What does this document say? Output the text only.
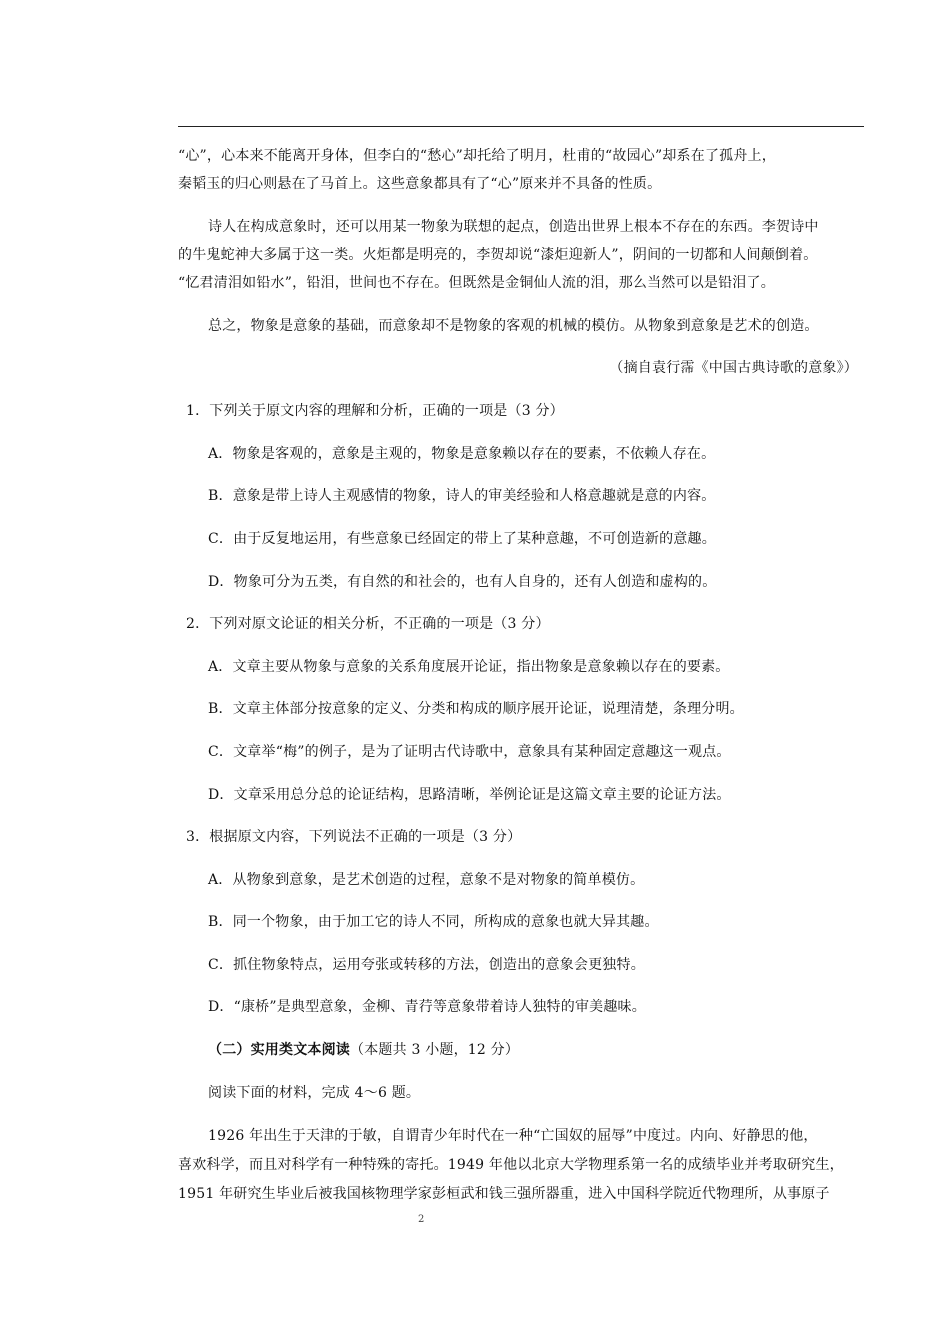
“心”，心本来不能离开身体，但李白的“愁心”却托给了明月，杜甫的“故园心”却系在了孤舟上，
秦韬玉的归心则悬在了马首上。这些意象都具有了“心”原来并不具备的性质。
诗人在构成意象时，还可以用某一物象为联想的起点，创造出世界上根本不存在的东西。李贺诗中
的牛鬼蛇神大多属于这一类。火炬都是明亮的，李贺却说“漆炬迎新人”，阴间的一切都和人间颠倒着。
“忆君清泪如铅水”，铅泪，世间也不存在。但既然是金铜仙人流的泪，那么当然可以是铅泪了。
总之，物象是意象的基础，而意象却不是物象的客观的机械的模仿。从物象到意象是艺术的创造。
（摘自袁行霈《中国古典诗歌的意象》）
1．下列关于原文内容的理解和分析，正确的一项是（3 分）
A．物象是客观的，意象是主观的，物象是意象赖以存在的要素，不依赖人存在。
B．意象是带上诗人主观感情的物象，诗人的审美经验和人格意趣就是意的内容。
C．由于反复地运用，有些意象已经固定的带上了某种意趣，不可创造新的意趣。
D．物象可分为五类，有自然的和社会的，也有人自身的，还有人创造和虚构的。
2．下列对原文论证的相关分析，不正确的一项是（3 分）
A．文章主要从物象与意象的关系角度展开论证，指出物象是意象赖以存在的要素。
B．文章主体部分按意象的定义、分类和构成的顺序展开论证，说理清楚，条理分明。
C．文章举“梅”的例子，是为了证明古代诗歌中，意象具有某种固定意趣这一观点。
D．文章采用总分总的论证结构，思路清晰，举例论证是这篇文章主要的论证方法。
3．根据原文内容，下列说法不正确的一项是（3 分）
A．从物象到意象，是艺术创造的过程，意象不是对物象的简单模仿。
B．同一个物象，由于加工它的诗人不同，所构成的意象也就大异其趣。
C．抓住物象特点，运用夸张或转移的方法，创造出的意象会更独特。
D．“康桥”是典型意象，金柳、青荇等意象带着诗人独特的审美趣味。
（二）实用类文本阅读（本题共 3 小题，12 分）
阅读下面的材料，完成 4～6 题。
1926 年出生于天津的于敏，自谓青少年时代在一种“亡国奴的屈辱”中度过。内向、好静思的他，
喜欢科学，而且对科学有一种特殊的寄托。1949 年他以北京大学物理系第一名的成绩毕业并考取研究生，
1951 年研究生毕业后被我国核物理学家彭桓武和钱三强所器重，进入中国科学院近代物理所，从事原子
2
